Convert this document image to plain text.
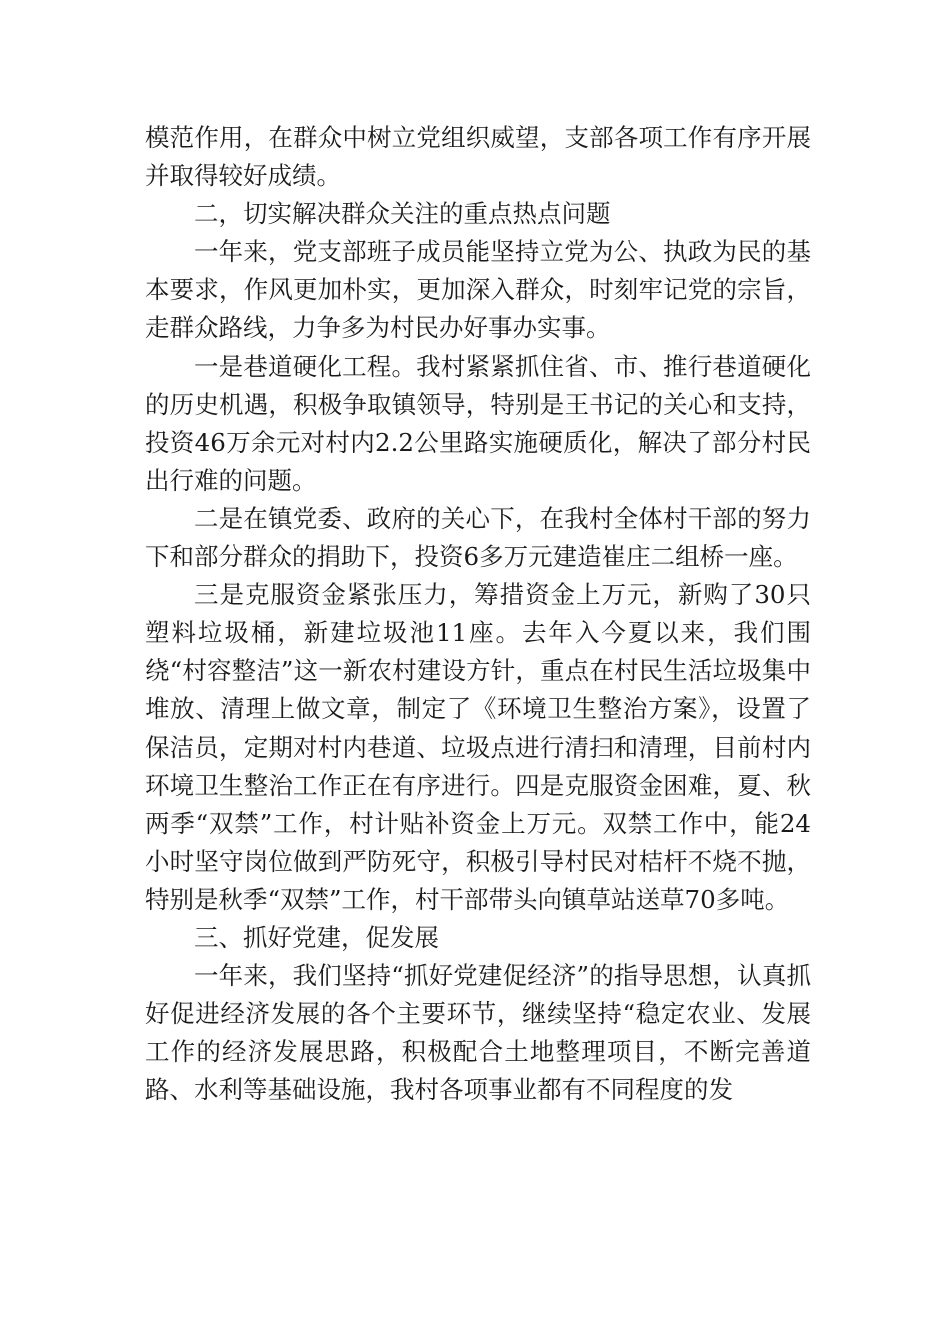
模范作用，在群众中树立党组织威望，支部各项工作有序开展并取得较好成绩。

二，切实解决群众关注的重点热点问题

一年来，党支部班子成员能坚持立党为公、执政为民的基本要求，作风更加朴实，更加深入群众，时刻牢记党的宗旨，走群众路线，力争多为村民办好事办实事。

一是巷道硬化工程。我村紧紧抓住省、市、推行巷道硬化的历史机遇，积极争取镇领导，特别是王书记的关心和支持，投资46万余元对村内2.2公里路实施硬质化，解决了部分村民出行难的问题。

二是在镇党委、政府的关心下，在我村全体村干部的努力下和部分群众的捐助下，投资6多万元建造崔庄二组桥一座。

三是克服资金紧张压力，筹措资金上万元，新购了30只塑料垃圾桶，新建垃圾池11座。去年入今夏以来，我们围绕“村容整洁”这一新农村建设方针，重点在村民生活垃圾集中堆放、清理上做文章，制定了《环境卫生整治方案》，设置了保洁员，定期对村内巷道、垃圾点进行清扫和清理，目前村内环境卫生整治工作正在有序进行。四是克服资金困难，夏、秋两季“双禁”工作，村计贴补资金上万元。双禁工作中，能24小时坚守岗位做到严防死守，积极引导村民对桔杆不烧不抛，特别是秋季“双禁”工作，村干部带头向镇草站送草70多吨。

三、抓好党建，促发展

一年来，我们坚持“抓好党建促经济”的指导思想，认真抓好促进经济发展的各个主要环节，继续坚持“稳定农业、发展工作的经济发展思路，积极配合土地整理项目，不断完善道路、水利等基础设施，我村各项事业都有不同程度的发
